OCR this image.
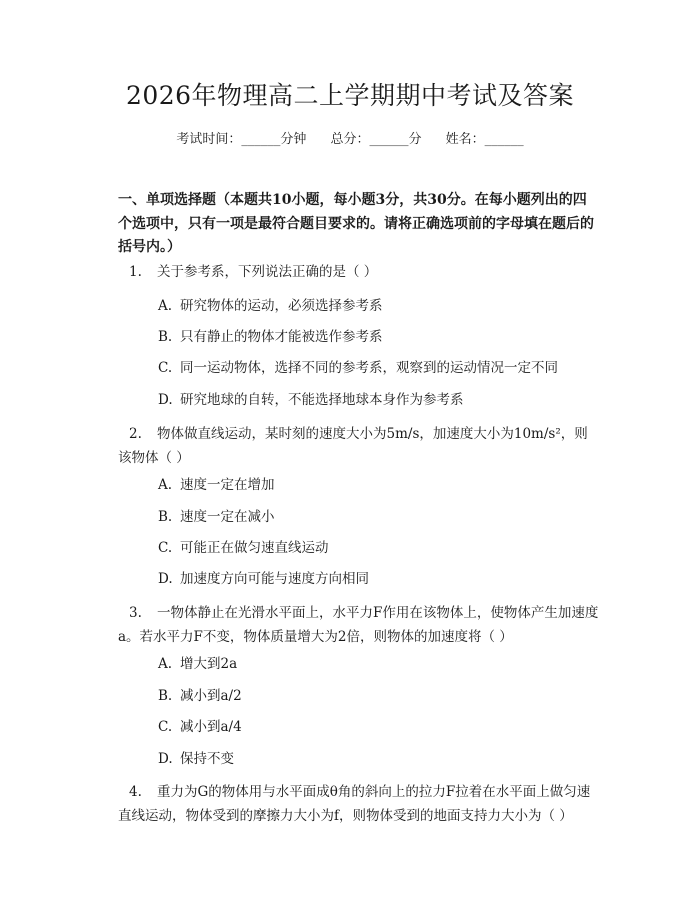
2026年物理高二上学期期中考试及答案
考试时间：______分钟 总分：______分 姓名：______
一、单项选择题（本题共10小题，每小题3分，共30分。在每小题列出的四个选项中，只有一项是最符合题目要求的。请将正确选项前的字母填在题后的括号内。）
1. 关于参考系，下列说法正确的是（ ）
A. 研究物体的运动，必须选择参考系
B. 只有静止的物体才能被选作参考系
C. 同一运动物体，选择不同的参考系，观察到的运动情况一定不同
D. 研究地球的自转，不能选择地球本身作为参考系
2. 物体做直线运动，某时刻的速度大小为5m/s，加速度大小为10m/s²，则该物体（ ）
A. 速度一定在增加
B. 速度一定在减小
C. 可能正在做匀速直线运动
D. 加速度方向可能与速度方向相同
3. 一物体静止在光滑水平面上，水平力F作用在该物体上，使物体产生加速度a。若水平力F不变，物体质量增大为2倍，则物体的加速度将（ ）
A. 增大到2a
B. 减小到a/2
C. 减小到a/4
D. 保持不变
4. 重力为G的物体用与水平面成θ角的斜向上的拉力F拉着在水平面上做匀速直线运动，物体受到的摩擦力大小为f，则物体受到的地面支持力大小为（ ）
